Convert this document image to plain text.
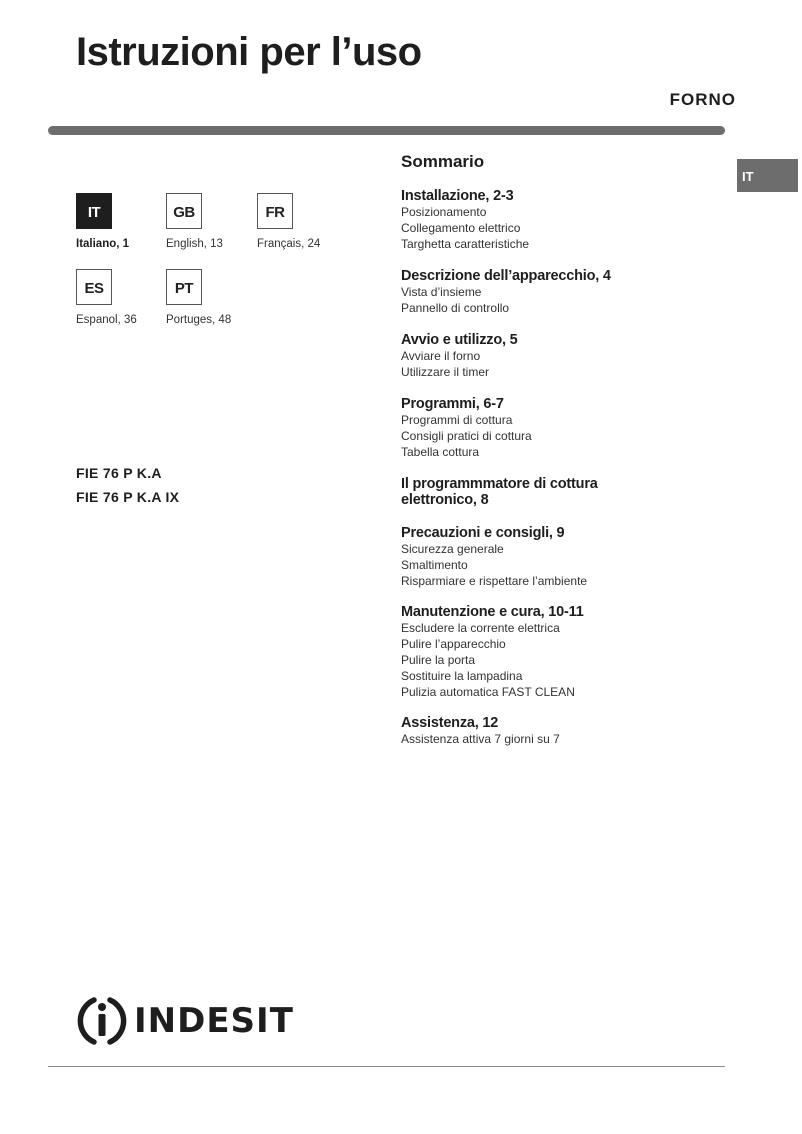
Istruzioni per l’uso
FORNO
IT
IT	GB	FR
ES	PT
Italiano, 1	English, 13	Français, 24
Espanol, 36	Portuges, 48
FIE 76 P K.A
FIE 76 P K.A IX
Sommario
Installazione, 2-3
Posizionamento
Collegamento elettrico
Targhetta caratteristiche
Descrizione dell’apparecchio, 4
Vista d’insieme
Pannello di controllo
Avvio e utilizzo, 5
Avviare il forno
Utilizzare il timer
Programmi, 6-7
Programmi di cottura
Consigli pratici di cottura
Tabella cottura
Il programmmatore di cottura elettronico, 8
Precauzioni e consigli, 9
Sicurezza generale
Smaltimento
Risparmiare e rispettare l’ambiente
Manutenzione e cura, 10-11
Escludere la corrente elettrica
Pulire l’apparecchio
Pulire la porta
Sostituire la lampadina
Pulizia automatica FAST CLEAN
Assistenza, 12
Assistenza attiva 7 giorni su 7
INDESIT
